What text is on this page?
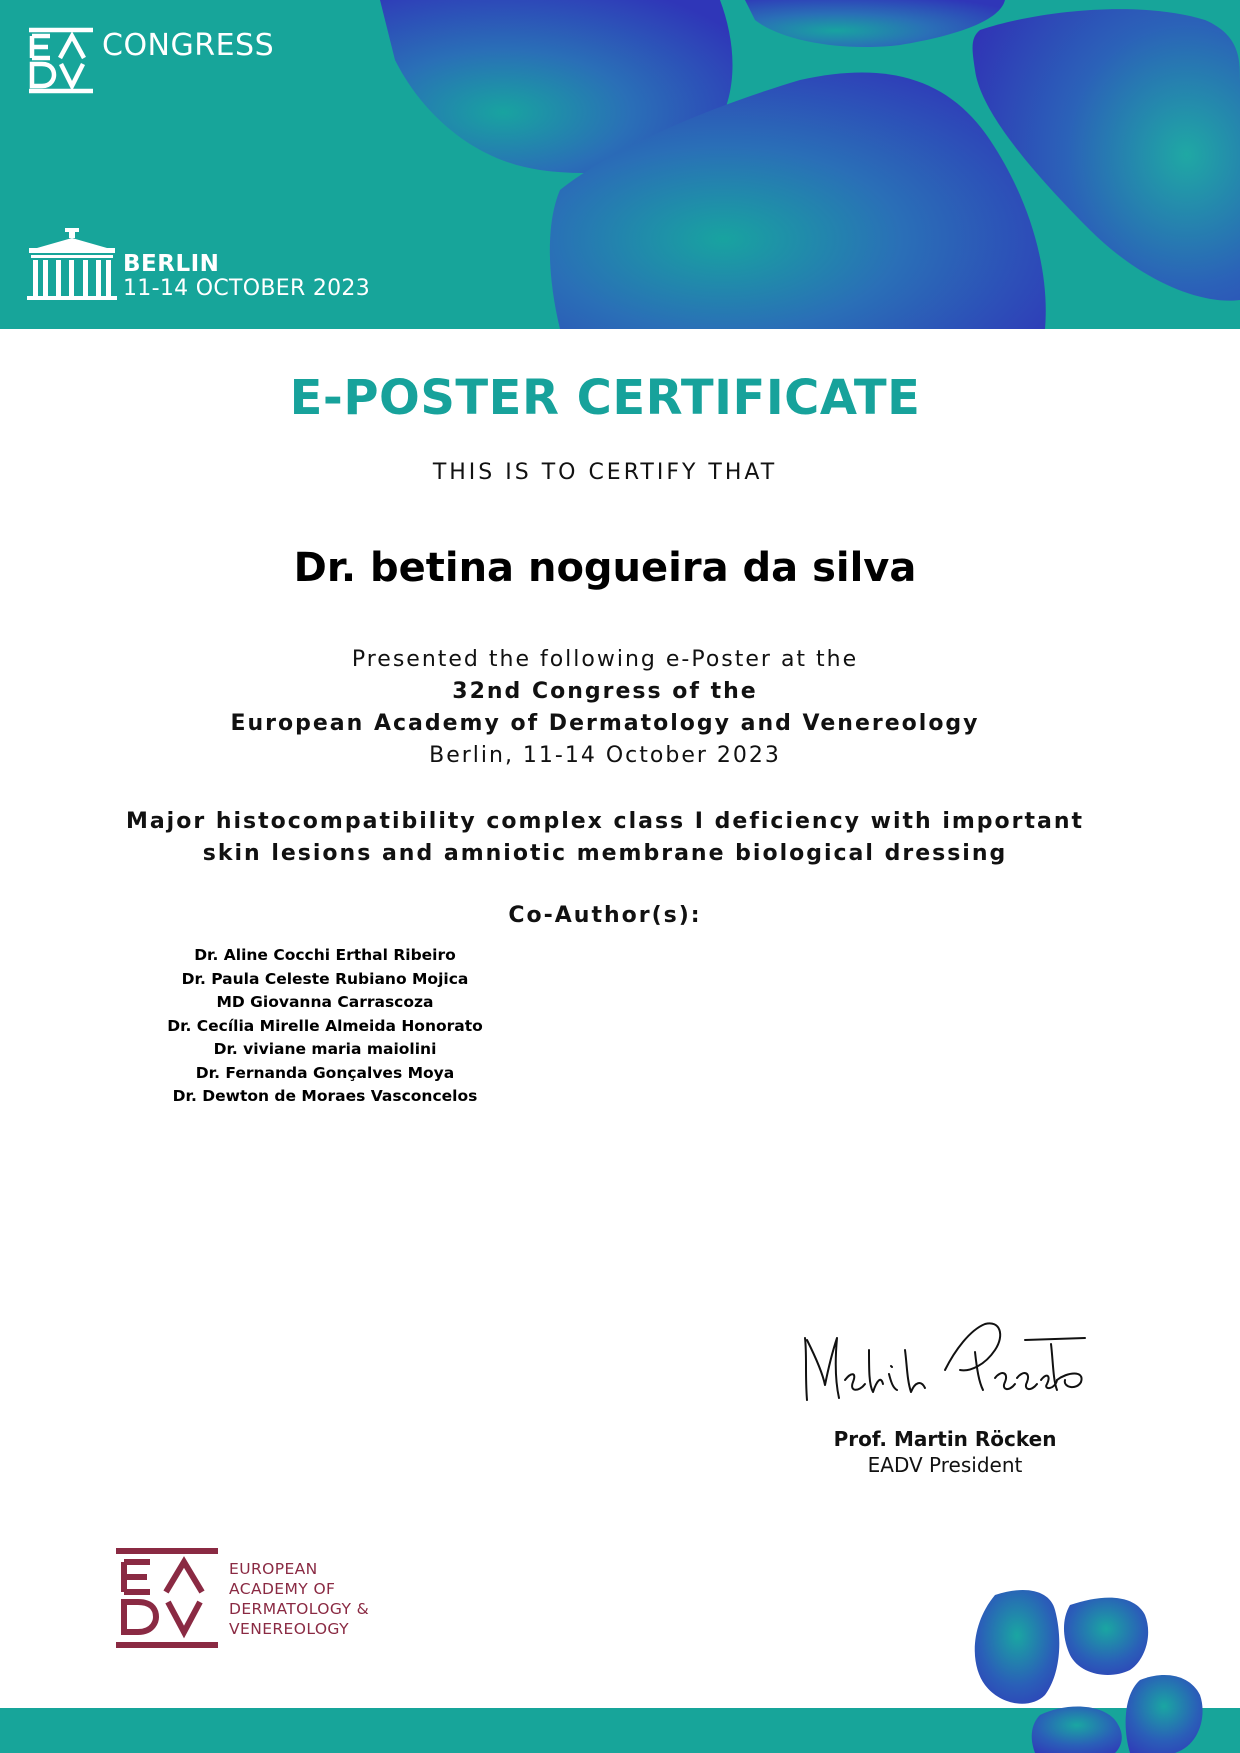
CONGRESS
BERLIN
11-14 OCTOBER 2023
E-POSTER CERTIFICATE
THIS IS TO CERTIFY THAT
Dr. betina nogueira da silva
Presented the following e-Poster at the
32nd Congress of the
European Academy of Dermatology and Venereology
Berlin, 11-14 October 2023
Major histocompatibility complex class I deficiency with important
skin lesions and amniotic membrane biological dressing
Co-Author(s):
Dr. Aline Cocchi Erthal Ribeiro
Dr. Paula Celeste Rubiano Mojica
MD Giovanna Carrascoza
Dr. Cecília Mirelle Almeida Honorato
Dr. viviane maria maiolini
Dr. Fernanda Gonçalves Moya
Dr. Dewton de Moraes Vasconcelos
Prof. Martin Röcken
EADV President
EUROPEAN
ACADEMY OF
DERMATOLOGY &
VENEREOLOGY
